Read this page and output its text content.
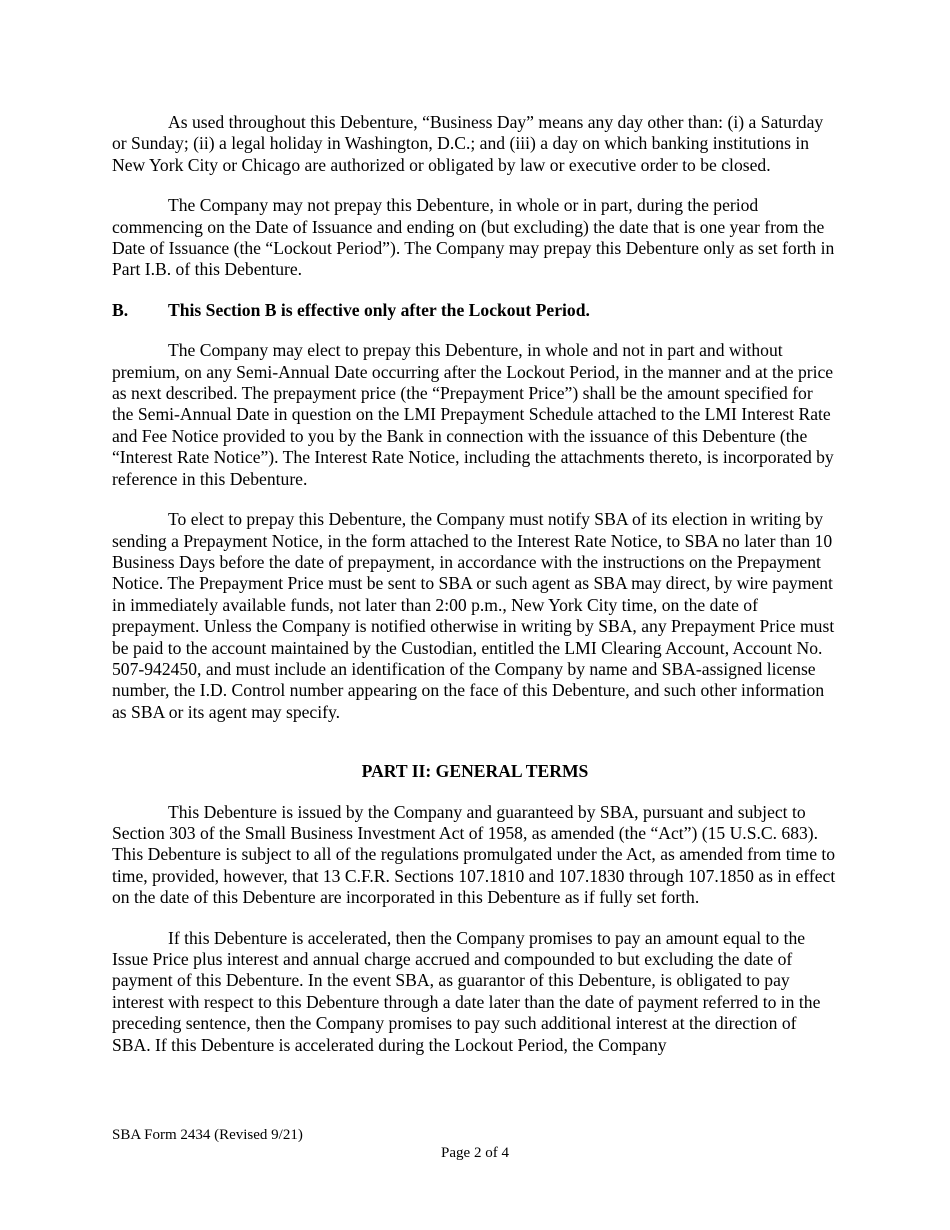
As used throughout this Debenture, “Business Day” means any day other than: (i) a Saturday or Sunday; (ii) a legal holiday in Washington, D.C.; and (iii) a day on which banking institutions in New York City or Chicago are authorized or obligated by law or executive order to be closed.

The Company may not prepay this Debenture, in whole or in part, during the period commencing on the Date of Issuance and ending on (but excluding) the date that is one year from the Date of Issuance (the “Lockout Period”). The Company may prepay this Debenture only as set forth in Part I.B. of this Debenture.

B.	This Section B is effective only after the Lockout Period.

The Company may elect to prepay this Debenture, in whole and not in part and without premium, on any Semi-Annual Date occurring after the Lockout Period, in the manner and at the price as next described. The prepayment price (the “Prepayment Price”) shall be the amount specified for the Semi-Annual Date in question on the LMI Prepayment Schedule attached to the LMI Interest Rate and Fee Notice provided to you by the Bank in connection with the issuance of this Debenture (the “Interest Rate Notice”). The Interest Rate Notice, including the attachments thereto, is incorporated by reference in this Debenture.

To elect to prepay this Debenture, the Company must notify SBA of its election in writing by sending a Prepayment Notice, in the form attached to the Interest Rate Notice, to SBA no later than 10 Business Days before the date of prepayment, in accordance with the instructions on the Prepayment Notice. The Prepayment Price must be sent to SBA or such agent as SBA may direct, by wire payment in immediately available funds, not later than 2:00 p.m., New York City time, on the date of prepayment. Unless the Company is notified otherwise in writing by SBA, any Prepayment Price must be paid to the account maintained by the Custodian, entitled the LMI Clearing Account, Account No. 507-942450, and must include an identification of the Company by name and SBA-assigned license number, the I.D. Control number appearing on the face of this Debenture, and such other information as SBA or its agent may specify.

PART II: GENERAL TERMS

This Debenture is issued by the Company and guaranteed by SBA, pursuant and subject to Section 303 of the Small Business Investment Act of 1958, as amended (the “Act”) (15 U.S.C. 683). This Debenture is subject to all of the regulations promulgated under the Act, as amended from time to time, provided, however, that 13 C.F.R. Sections 107.1810 and 107.1830 through 107.1850 as in effect on the date of this Debenture are incorporated in this Debenture as if fully set forth.

If this Debenture is accelerated, then the Company promises to pay an amount equal to the Issue Price plus interest and annual charge accrued and compounded to but excluding the date of payment of this Debenture. In the event SBA, as guarantor of this Debenture, is obligated to pay interest with respect to this Debenture through a date later than the date of payment referred to in the preceding sentence, then the Company promises to pay such additional interest at the direction of SBA. If this Debenture is accelerated during the Lockout Period, the Company

SBA Form 2434 (Revised 9/21)
Page 2 of 4
